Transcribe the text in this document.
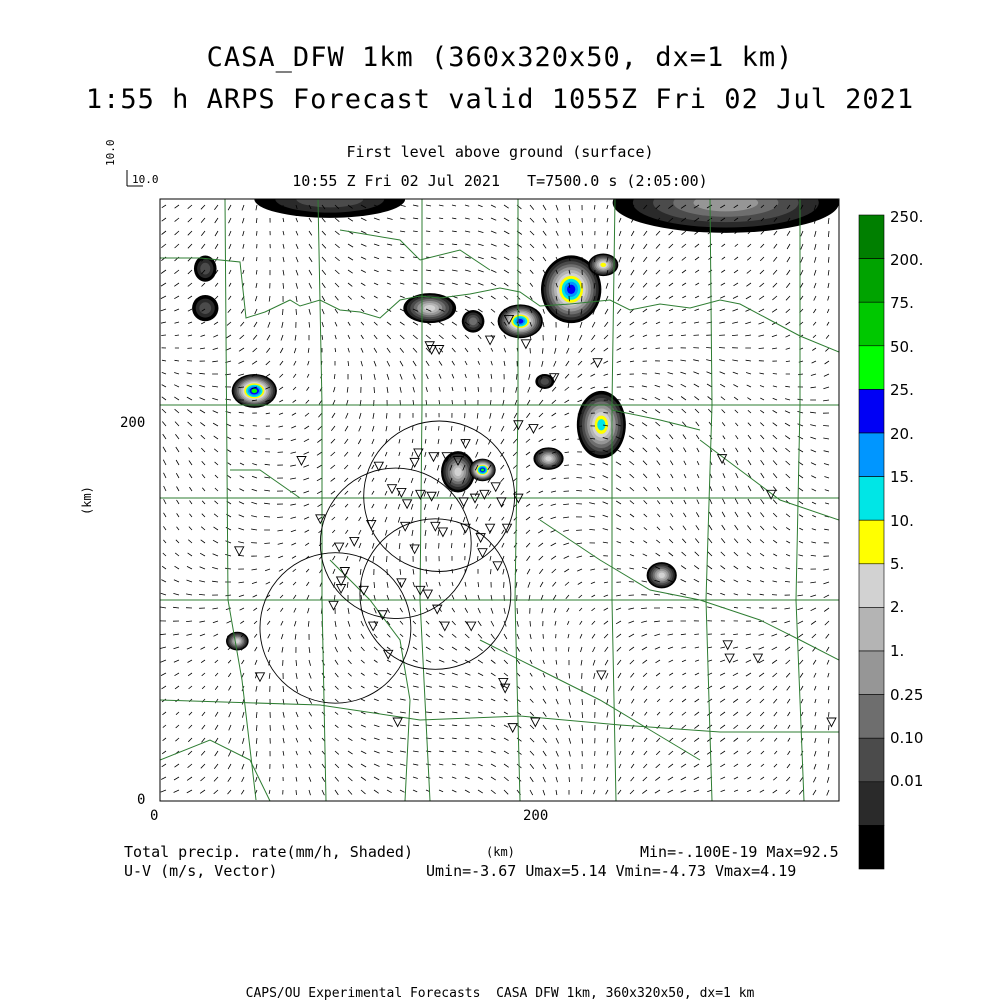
CASA_DFW 1km (360x320x50, dx=1 km)
1:55 h ARPS Forecast valid 1055Z Fri 02 Jul 2021
First level above ground (surface)
10:55 Z Fri 02 Jul 2021   T=7500.0 s (2:05:00)
10.0
10.0
(km)
(km)
0	200
0
200
Total precip. rate(mm/h, Shaded)
U-V (m/s, Vector)
Min=-.100E-19 Max=92.5
Umin=-3.67 Umax=5.14 Vmin=-4.73 Vmax=4.19
CAPS/OU Experimental Forecasts  CASA DFW 1km, 360x320x50, dx=1 km
250.
200.
75.
50.
25.
20.
15.
10.
5.
2.
1.
0.25
0.10
0.01
